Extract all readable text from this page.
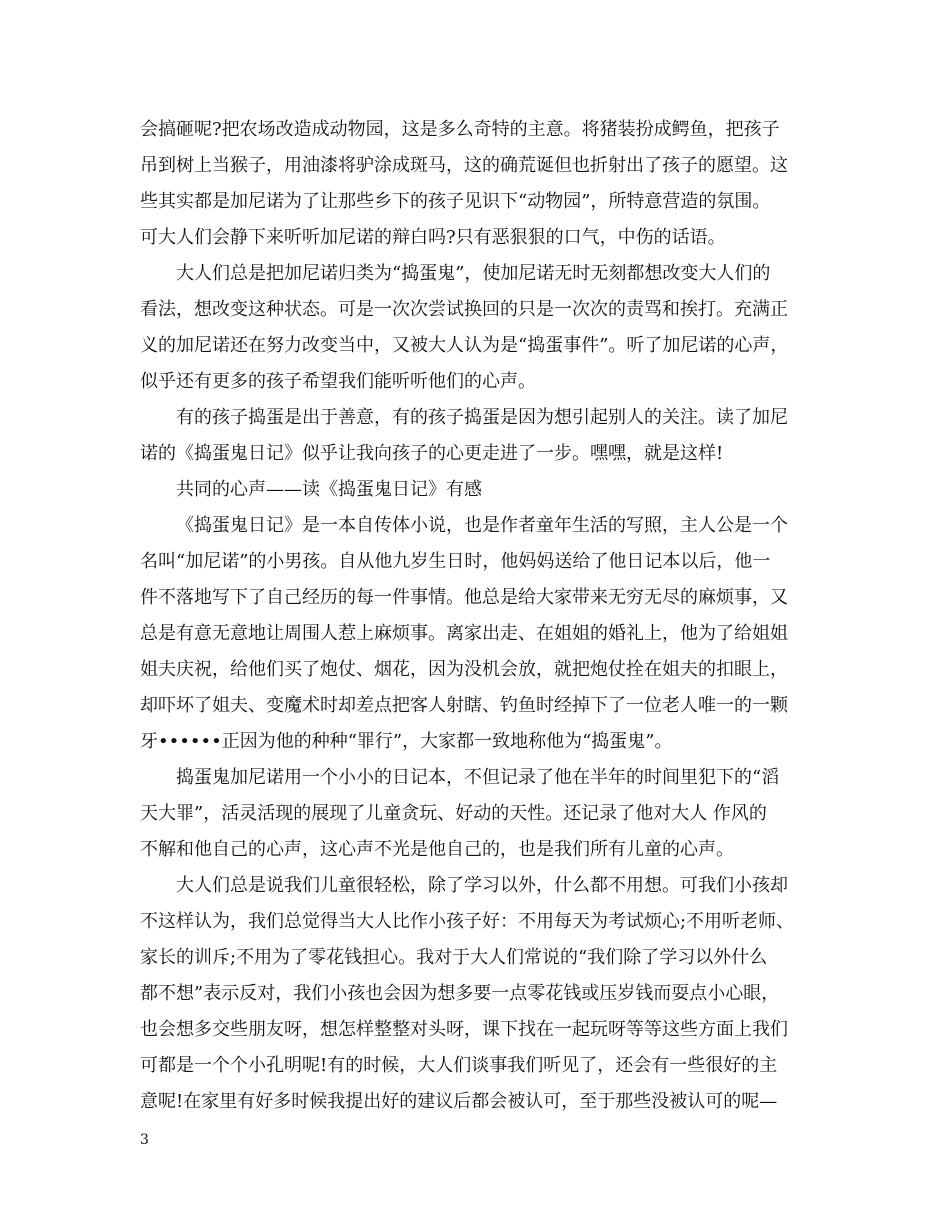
会搞砸呢?把农场改造成动物园，这是多么奇特的主意。将猪装扮成鳄鱼，把孩子
吊到树上当猴子，用油漆将驴涂成斑马，这的确荒诞但也折射出了孩子的愿望。这
些其实都是加尼诺为了让那些乡下的孩子见识下“动物园”，所特意营造的氛围。
可大人们会静下来听听加尼诺的辩白吗?只有恶狠狠的口气，中伤的话语。
大人们总是把加尼诺归类为“捣蛋鬼”，使加尼诺无时无刻都想改变大人们的
看法，想改变这种状态。可是一次次尝试换回的只是一次次的责骂和挨打。充满正
义的加尼诺还在努力改变当中，又被大人认为是“捣蛋事件”。听了加尼诺的心声，
似乎还有更多的孩子希望我们能听听他们的心声。
有的孩子捣蛋是出于善意，有的孩子捣蛋是因为想引起别人的关注。读了加尼
诺的《捣蛋鬼日记》似乎让我向孩子的心更走进了一步。嘿嘿，就是这样!
共同的心声——读《捣蛋鬼日记》有感
《捣蛋鬼日记》是一本自传体小说，也是作者童年生活的写照，主人公是一个
名叫“加尼诺”的小男孩。自从他九岁生日时，他妈妈送给了他日记本以后，他一
件不落地写下了自己经历的每一件事情。他总是给大家带来无穷无尽的麻烦事，又
总是有意无意地让周围人惹上麻烦事。离家出走、在姐姐的婚礼上，他为了给姐姐
姐夫庆祝，给他们买了炮仗、烟花，因为没机会放，就把炮仗拴在姐夫的扣眼上，
却吓坏了姐夫、变魔术时却差点把客人射瞎、钓鱼时经掉下了一位老人唯一的一颗
牙••••••正因为他的种种“罪行”，大家都一致地称他为“捣蛋鬼”。
捣蛋鬼加尼诺用一个小小的日记本，不但记录了他在半年的时间里犯下的“滔
天大罪”，活灵活现的展现了儿童贪玩、好动的天性。还记录了他对大人 作风的
不解和他自己的心声，这心声不光是他自己的，也是我们所有儿童的心声。
大人们总是说我们儿童很轻松，除了学习以外，什么都不用想。可我们小孩却
不这样认为，我们总觉得当大人比作小孩子好：不用每天为考试烦心;不用听老师、
家长的训斥;不用为了零花钱担心。我对于大人们常说的“我们除了学习以外什么
都不想”表示反对，我们小孩也会因为想多要一点零花钱或压岁钱而耍点小心眼，
也会想多交些朋友呀，想怎样整整对头呀，课下找在一起玩呀等等这些方面上我们
可都是一个个小孔明呢!有的时候，大人们谈事我们听见了，还会有一些很好的主
意呢!在家里有好多时候我提出好的建议后都会被认可，至于那些没被认可的呢—
3
